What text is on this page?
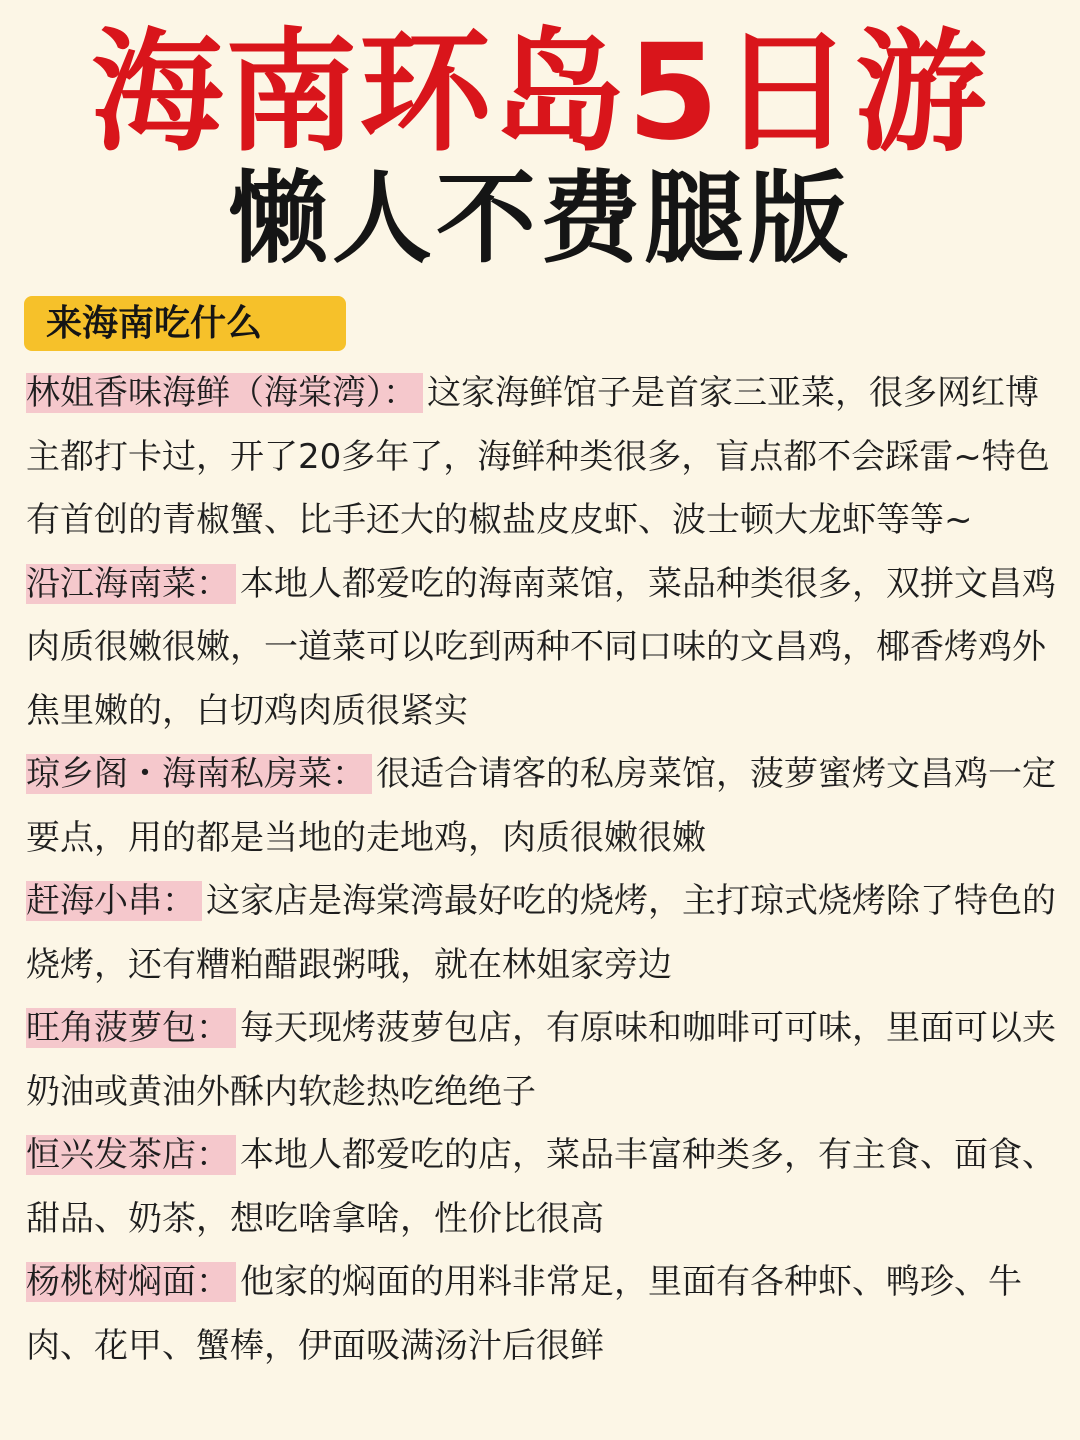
海南环岛5日游
懒人不费腿版
来海南吃什么

林姐香味海鲜（海棠湾）： 这家海鲜馆子是首家三亚菜，很多网红博主都打卡过，开了20多年了，海鲜种类很多，盲点都不会踩雷~特色有首创的青椒蟹、比手还大的椒盐皮皮虾、波士顿大龙虾等等~

沿江海南菜： 本地人都爱吃的海南菜馆，菜品种类很多，双拼文昌鸡肉质很嫩很嫩，一道菜可以吃到两种不同口味的文昌鸡，椰香烤鸡外焦里嫩的，白切鸡肉质很紧实

琼乡阁・海南私房菜： 很适合请客的私房菜馆，菠萝蜜烤文昌鸡一定要点，用的都是当地的走地鸡，肉质很嫩很嫩

赶海小串： 这家店是海棠湾最好吃的烧烤，主打琼式烧烤除了特色的烧烤，还有糟粕醋跟粥哦，就在林姐家旁边

旺角菠萝包： 每天现烤菠萝包店，有原味和咖啡可可味，里面可以夹奶油或黄油外酥内软趁热吃绝绝子

恒兴发茶店： 本地人都爱吃的店，菜品丰富种类多，有主食、面食、甜品、奶茶，想吃啥拿啥，性价比很高

杨桃树焖面： 他家的焖面的用料非常足，里面有各种虾、鸭珍、牛肉、花甲、蟹棒，伊面吸满汤汁后很鲜
